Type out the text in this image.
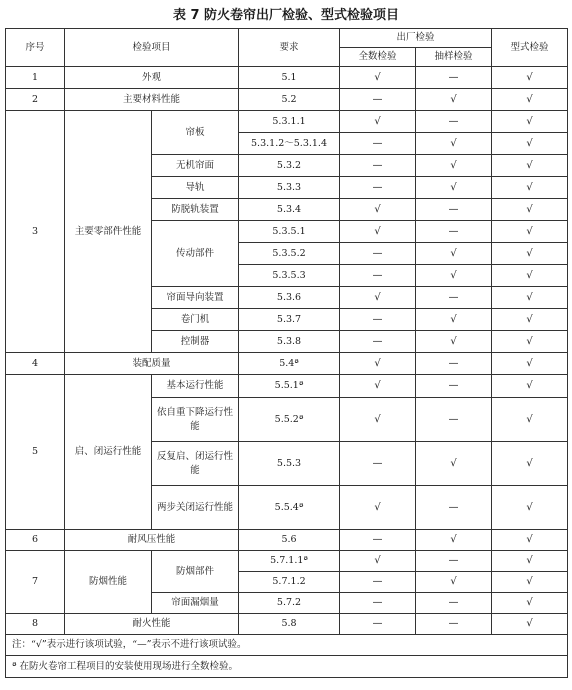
表 7 防火卷帘出厂检验、型式检验项目
序号	检验项目		要求	出厂检验		型式检验
				全数检验	抽样检验	
1	外观		5.1	√	—	√
2	主要材料性能		5.2	—	√	√
3	主要零部件性能	帘板	5.3.1.1	√	—	√
			5.3.1.2～5.3.1.4	—	√	√
		无机帘面	5.3.2	—	√	√
		导轨	5.3.3	—	√	√
		防脱轨装置	5.3.4	√	—	√
		传动部件	5.3.5.1	√	—	√
			5.3.5.2	—	√	√
			5.3.5.3	—	√	√
		帘面导向装置	5.3.6	√	—	√
		卷门机	5.3.7	—	√	√
		控制器	5.3.8	—	√	√
4	装配质量		5.4ª	√	—	√
5	启、闭运行性能	基本运行性能	5.5.1ª	√	—	√
		依自重下降运行性能	5.5.2ª	√	—	√
		反复启、闭运行性能	5.5.3	—	√	√
		两步关闭运行性能	5.5.4ª	√	—	√
6	耐风压性能		5.6	—	√	√
7	防烟性能	防烟部件	5.7.1.1ª	√	—	√
			5.7.1.2	—	√	√
		帘面漏烟量	5.7.2	—	—	√
8	耐火性能		5.8	—	—	√
注：“√”表示进行该项试验，“—”表示不进行该项试验。						
ª 在防火卷帘工程项目的安装使用现场进行全数检验。						
